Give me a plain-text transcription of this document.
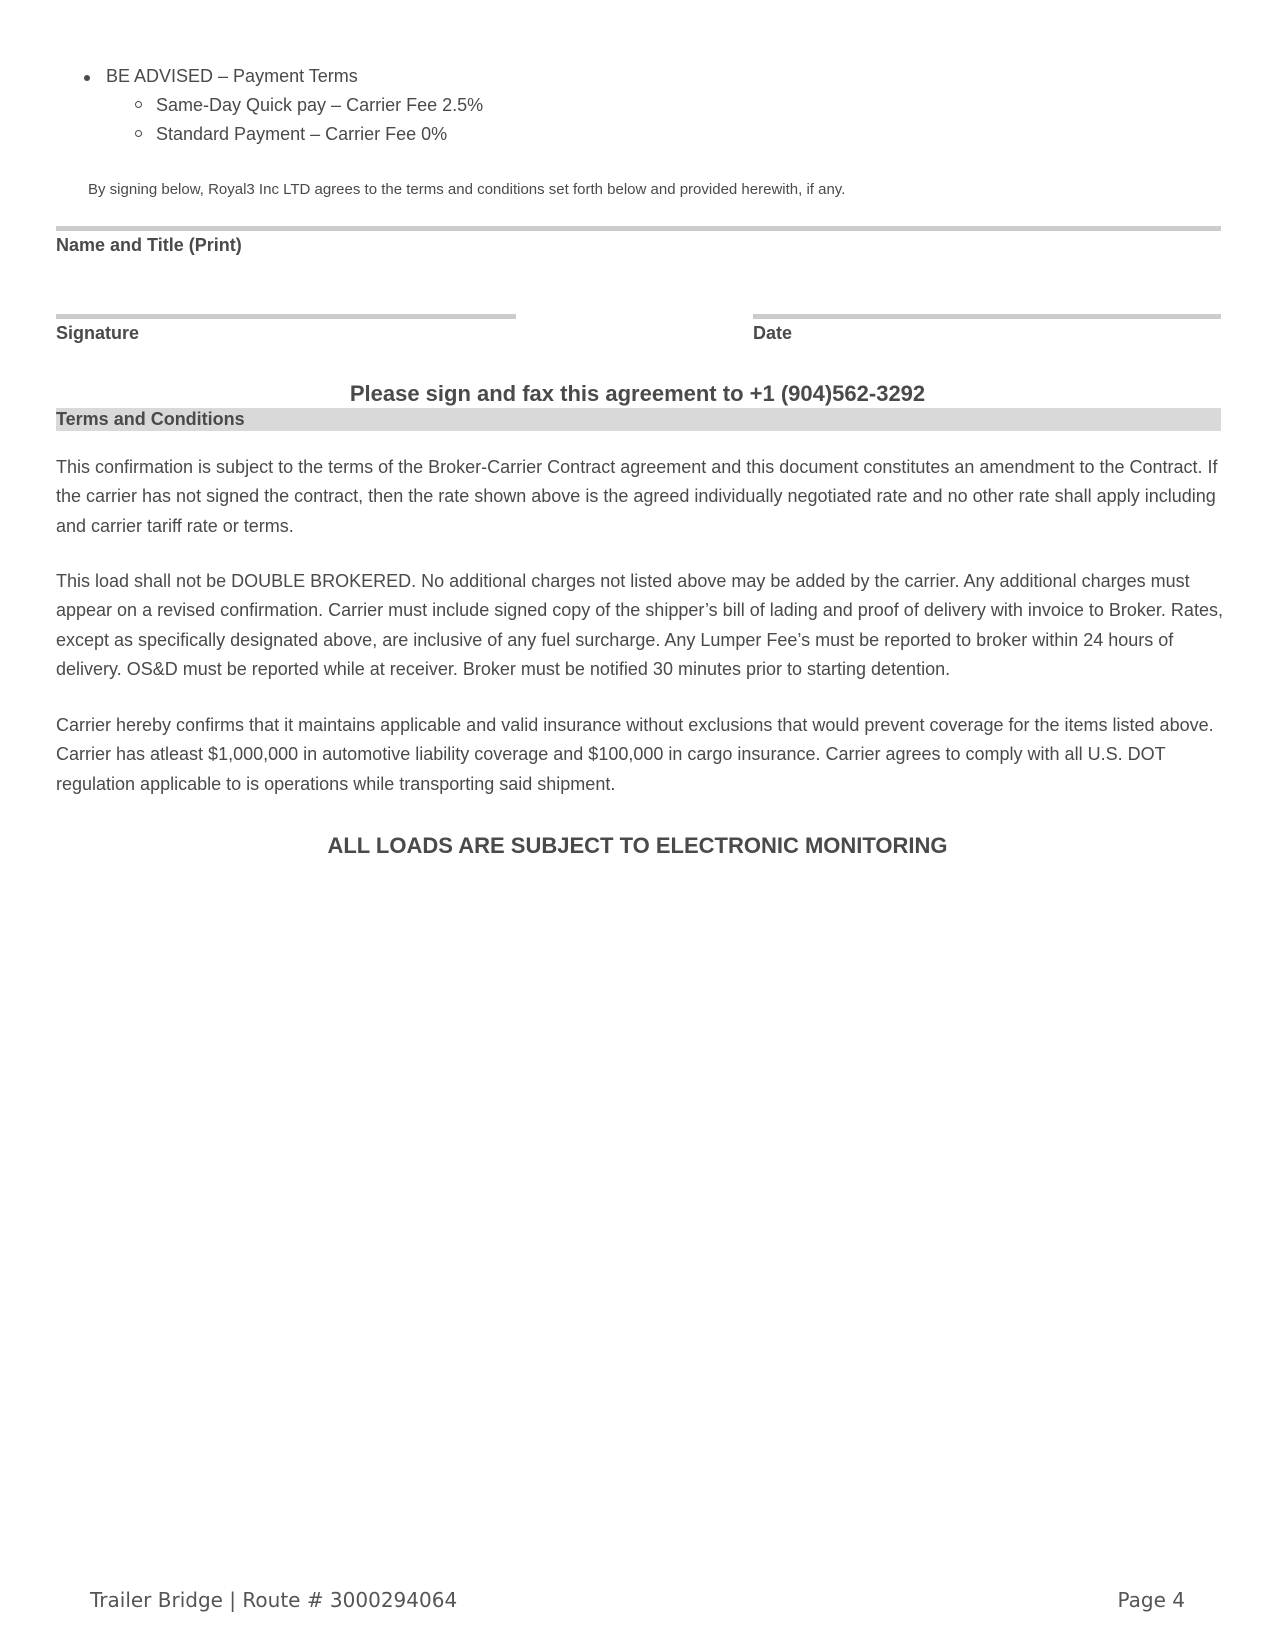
BE ADVISED – Payment Terms
Same-Day Quick pay – Carrier Fee 2.5%
Standard Payment – Carrier Fee 0%
By signing below, Royal3 Inc LTD agrees to the terms and conditions set forth below and provided herewith, if any.
Name and Title (Print)
Signature	Date
Please sign and fax this agreement to +1 (904)562-3292
Terms and Conditions

This confirmation is subject to the terms of the Broker-Carrier Contract agreement and this document constitutes an amendment to the Contract. If the carrier has not signed the contract, then the rate shown above is the agreed individually negotiated rate and no other rate shall apply including and carrier tariff rate or terms.

This load shall not be DOUBLE BROKERED. No additional charges not listed above may be added by the carrier. Any additional charges must appear on a revised confirmation. Carrier must include signed copy of the shipper’s bill of lading and proof of delivery with invoice to Broker. Rates, except as specifically designated above, are inclusive of any fuel surcharge. Any Lumper Fee’s must be reported to broker within 24 hours of delivery. OS&D must be reported while at receiver. Broker must be notified 30 minutes prior to starting detention.

Carrier hereby confirms that it maintains applicable and valid insurance without exclusions that would prevent coverage for the items listed above. Carrier has atleast $1,000,000 in automotive liability coverage and $100,000 in cargo insurance. Carrier agrees to comply with all U.S. DOT regulation applicable to is operations while transporting said shipment.

ALL LOADS ARE SUBJECT TO ELECTRONIC MONITORING
Trailer Bridge | Route # 3000294064	Page 4
